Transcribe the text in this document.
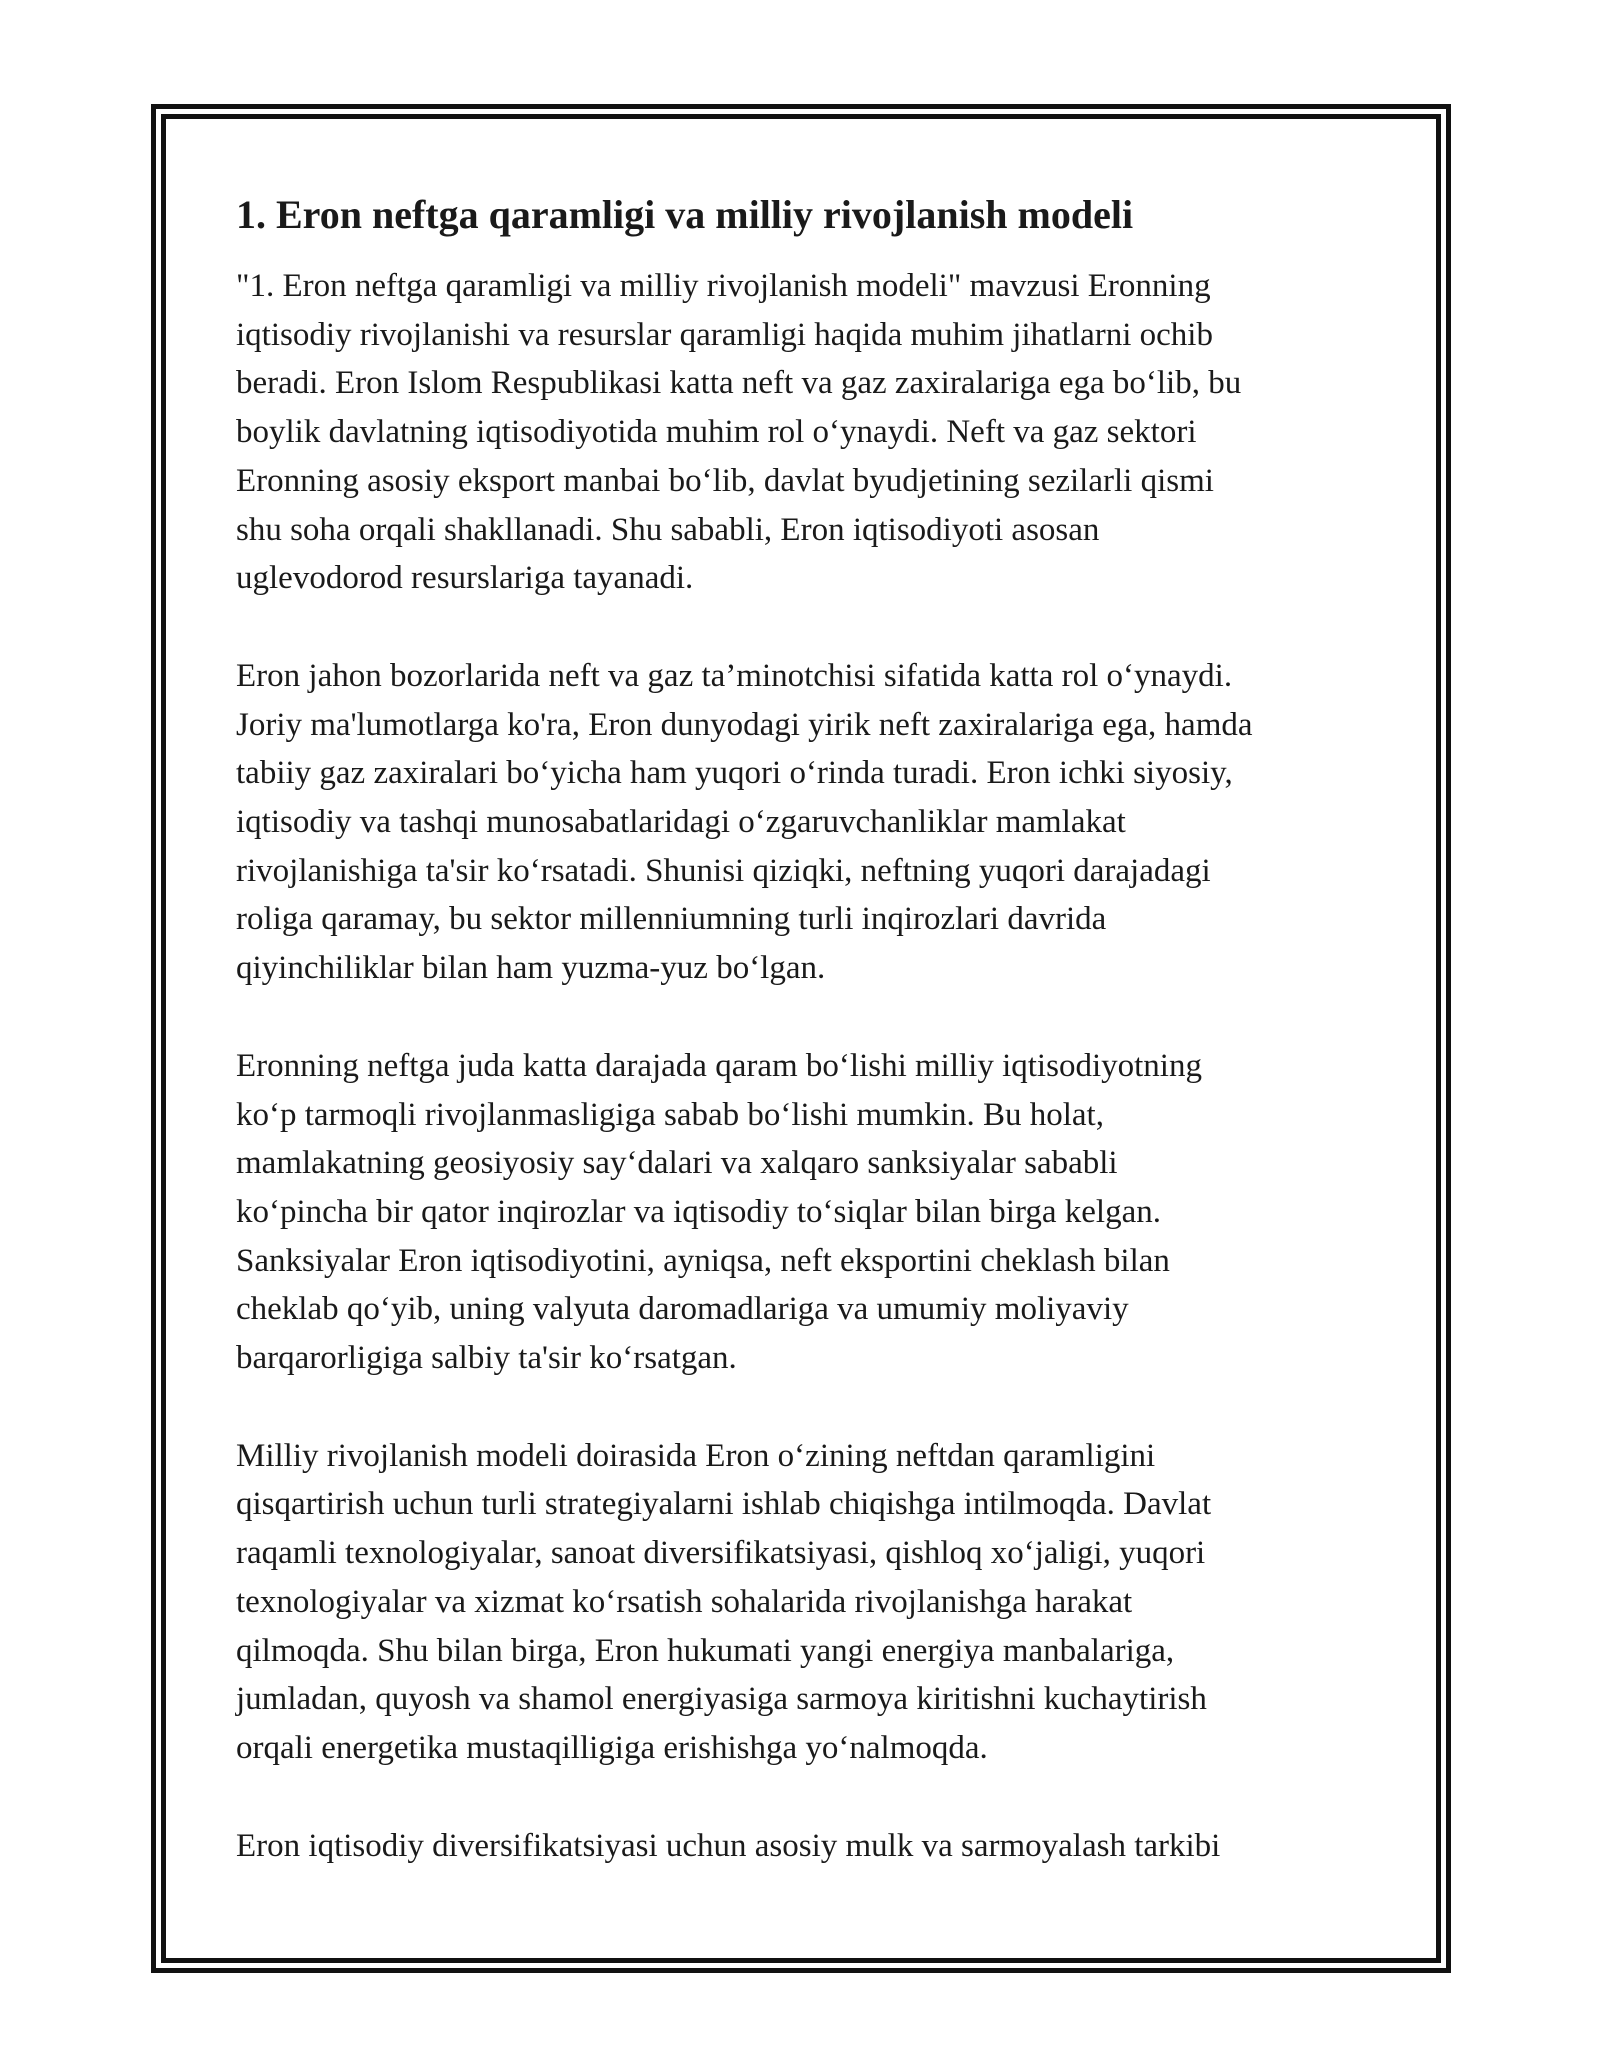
1. Eron neftga qaramligi va milliy rivojlanish modeli
"1. Eron neftga qaramligi va milliy rivojlanish modeli" mavzusi Eronning
iqtisodiy rivojlanishi va resurslar qaramligi haqida muhim jihatlarni ochib
beradi. Eron Islom Respublikasi katta neft va gaz zaxiralariga ega bo‘lib, bu
boylik davlatning iqtisodiyotida muhim rol o‘ynaydi. Neft va gaz sektori
Eronning asosiy eksport manbai bo‘lib, davlat byudjetining sezilarli qismi
shu soha orqali shakllanadi. Shu sababli, Eron iqtisodiyoti asosan
uglevodorod resurslariga tayanadi.
Eron jahon bozorlarida neft va gaz ta’minotchisi sifatida katta rol o‘ynaydi.
Joriy ma'lumotlarga ko'ra, Eron dunyodagi yirik neft zaxiralariga ega, hamda
tabiiy gaz zaxiralari bo‘yicha ham yuqori o‘rinda turadi. Eron ichki siyosiy,
iqtisodiy va tashqi munosabatlaridagi o‘zgaruvchanliklar mamlakat
rivojlanishiga ta'sir ko‘rsatadi. Shunisi qiziqki, neftning yuqori darajadagi
roliga qaramay, bu sektor millenniumning turli inqirozlari davrida
qiyinchiliklar bilan ham yuzma-yuz bo‘lgan.
Eronning neftga juda katta darajada qaram bo‘lishi milliy iqtisodiyotning
ko‘p tarmoqli rivojlanmasligiga sabab bo‘lishi mumkin. Bu holat,
mamlakatning geosiyosiy say‘dalari va xalqaro sanksiyalar sababli
ko‘pincha bir qator inqirozlar va iqtisodiy to‘siqlar bilan birga kelgan.
Sanksiyalar Eron iqtisodiyotini, ayniqsa, neft eksportini cheklash bilan
cheklab qo‘yib, uning valyuta daromadlariga va umumiy moliyaviy
barqarorligiga salbiy ta'sir ko‘rsatgan.
Milliy rivojlanish modeli doirasida Eron o‘zining neftdan qaramligini
qisqartirish uchun turli strategiyalarni ishlab chiqishga intilmoqda. Davlat
raqamli texnologiyalar, sanoat diversifikatsiyasi, qishloq xo‘jaligi, yuqori
texnologiyalar va xizmat ko‘rsatish sohalarida rivojlanishga harakat
qilmoqda. Shu bilan birga, Eron hukumati yangi energiya manbalariga,
jumladan, quyosh va shamol energiyasiga sarmoya kiritishni kuchaytirish
orqali energetika mustaqilligiga erishishga yo‘nalmoqda.
Eron iqtisodiy diversifikatsiyasi uchun asosiy mulk va sarmoyalash tarkibi
